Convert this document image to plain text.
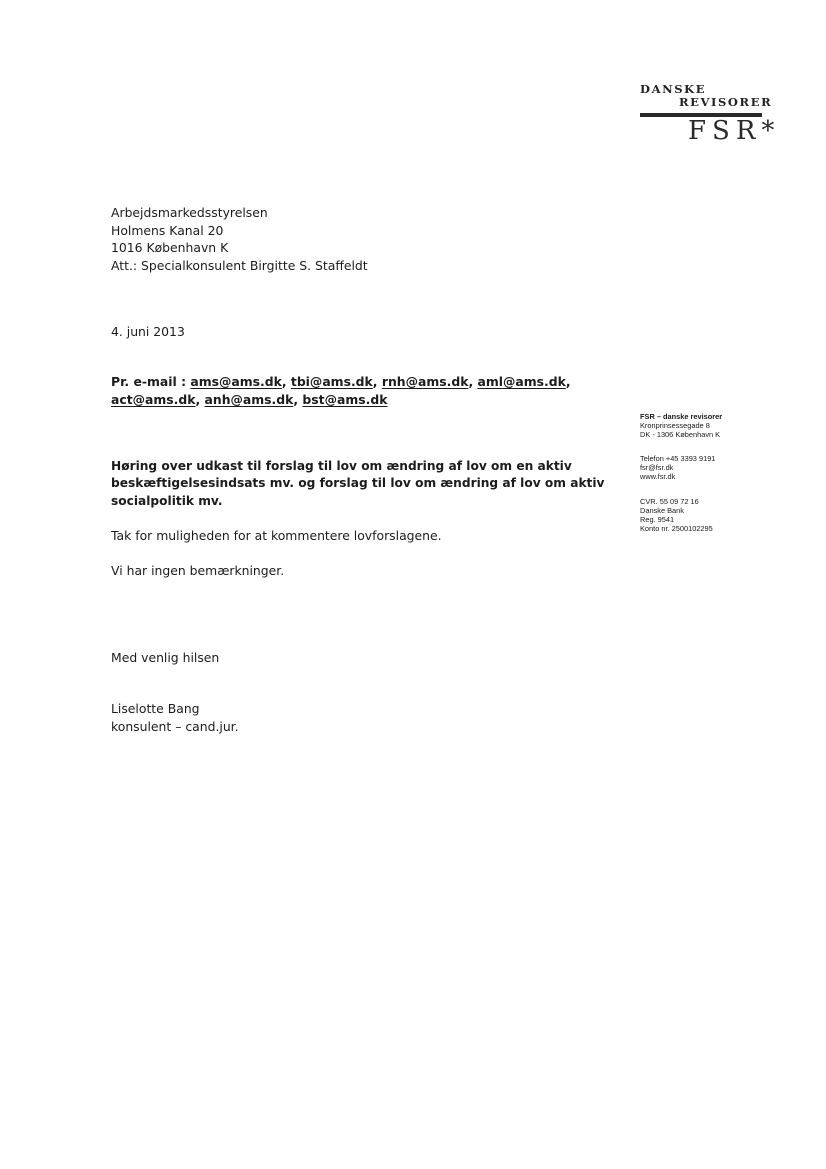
DANSKE
REVISORER
FSR*
Arbejdsmarkedsstyrelsen
Holmens Kanal 20
1016 København K
Att.: Specialkonsulent Birgitte S. Staffeldt
4. juni 2013
Pr. e-mail : ams@ams.dk, tbi@ams.dk, rnh@ams.dk, aml@ams.dk,
act@ams.dk, anh@ams.dk, bst@ams.dk
FSR – danske revisorer
Kronprinsessegade 8
DK - 1306 København K
Telefon +45 3393 9191
fsr@fsr.dk
www.fsr.dk
CVR. 55 09 72 16
Danske Bank
Reg. 9541
Konto nr. 2500102295
Høring over udkast til forslag til lov om ændring af lov om en aktiv
beskæftigelsesindsats mv. og forslag til lov om ændring af lov om aktiv
socialpolitik mv.
Tak for muligheden for at kommentere lovforslagene.
Vi har ingen bemærkninger.
Med venlig hilsen
Liselotte Bang
konsulent – cand.jur.
